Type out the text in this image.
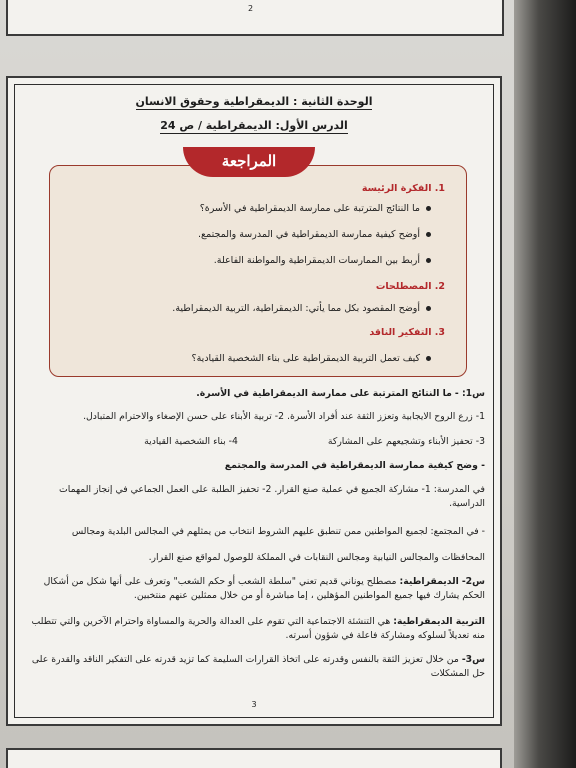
2
الوحدة الثانية : الديمقراطية وحقوق الانسان
الدرس الأول: الديمقراطية / ص 24
المراجعة
1. الفكرة الرئيسة
ما النتائج المترتبة على ممارسة الديمقراطية في الأسرة؟
أوضح كيفية ممارسة الديمقراطية في المدرسة والمجتمع.
أربط بين الممارسات الديمقراطية والمواطنة الفاعلة.
2. المصطلحات
أوضح المقصود بكل مما يأتي: الديمقراطية، التربية الديمقراطية.
3. التفكير الناقد
كيف تعمل التربية الديمقراطية على بناء الشخصية القيادية؟
س1: - ما النتائج المترتبة على ممارسة الديمقراطية في الأسرة.
1- زرع الروح الايجابية وتعزز الثقة عند أفراد الأسرة. 2- تربية الأبناء على حسن الإصغاء والاحترام المتبادل.
3- تحفيز الأبناء وتشجيعهم على المشاركة4- بناء الشخصية القيادية
- وضح كيفية ممارسة الديمقراطية في المدرسة والمجتمع
في المدرسة: 1- مشاركة الجميع في عملية صنع القرار. 2- تحفيز الطلبة على العمل الجماعي في إنجاز المهمات الدراسية.
- في المجتمع: لجميع المواطنين ممن تنطبق عليهم الشروط انتخاب من يمثلهم في المجالس البلدية ومجالس
المحافظات والمجالس النيابية ومجالس النقابات في المملكة للوصول لمواقع صنع القرار.
س2- الديمقراطية: مصطلح يوناني قديم تعني "سلطة الشعب أو حكم الشعب" وتعرف على أنها شكل من أشكال الحكم يشارك فيها جميع المواطنين المؤهلين ، إما مباشرة أو من خلال ممثلين عنهم منتخبين.
التربية الديمقراطية: هي التنشئة الاجتماعية التي تقوم على العدالة والحرية والمساواة واحترام الآخرين والتي تتطلب منه تعديلاً لسلوكه ومشاركة فاعلة في شؤون أسرته.
س3- من خلال تعزيز الثقة بالنفس وقدرته على اتخاذ القرارات السليمة كما تزيد قدرته على التفكير الناقد والقدرة على حل المشكلات
3
